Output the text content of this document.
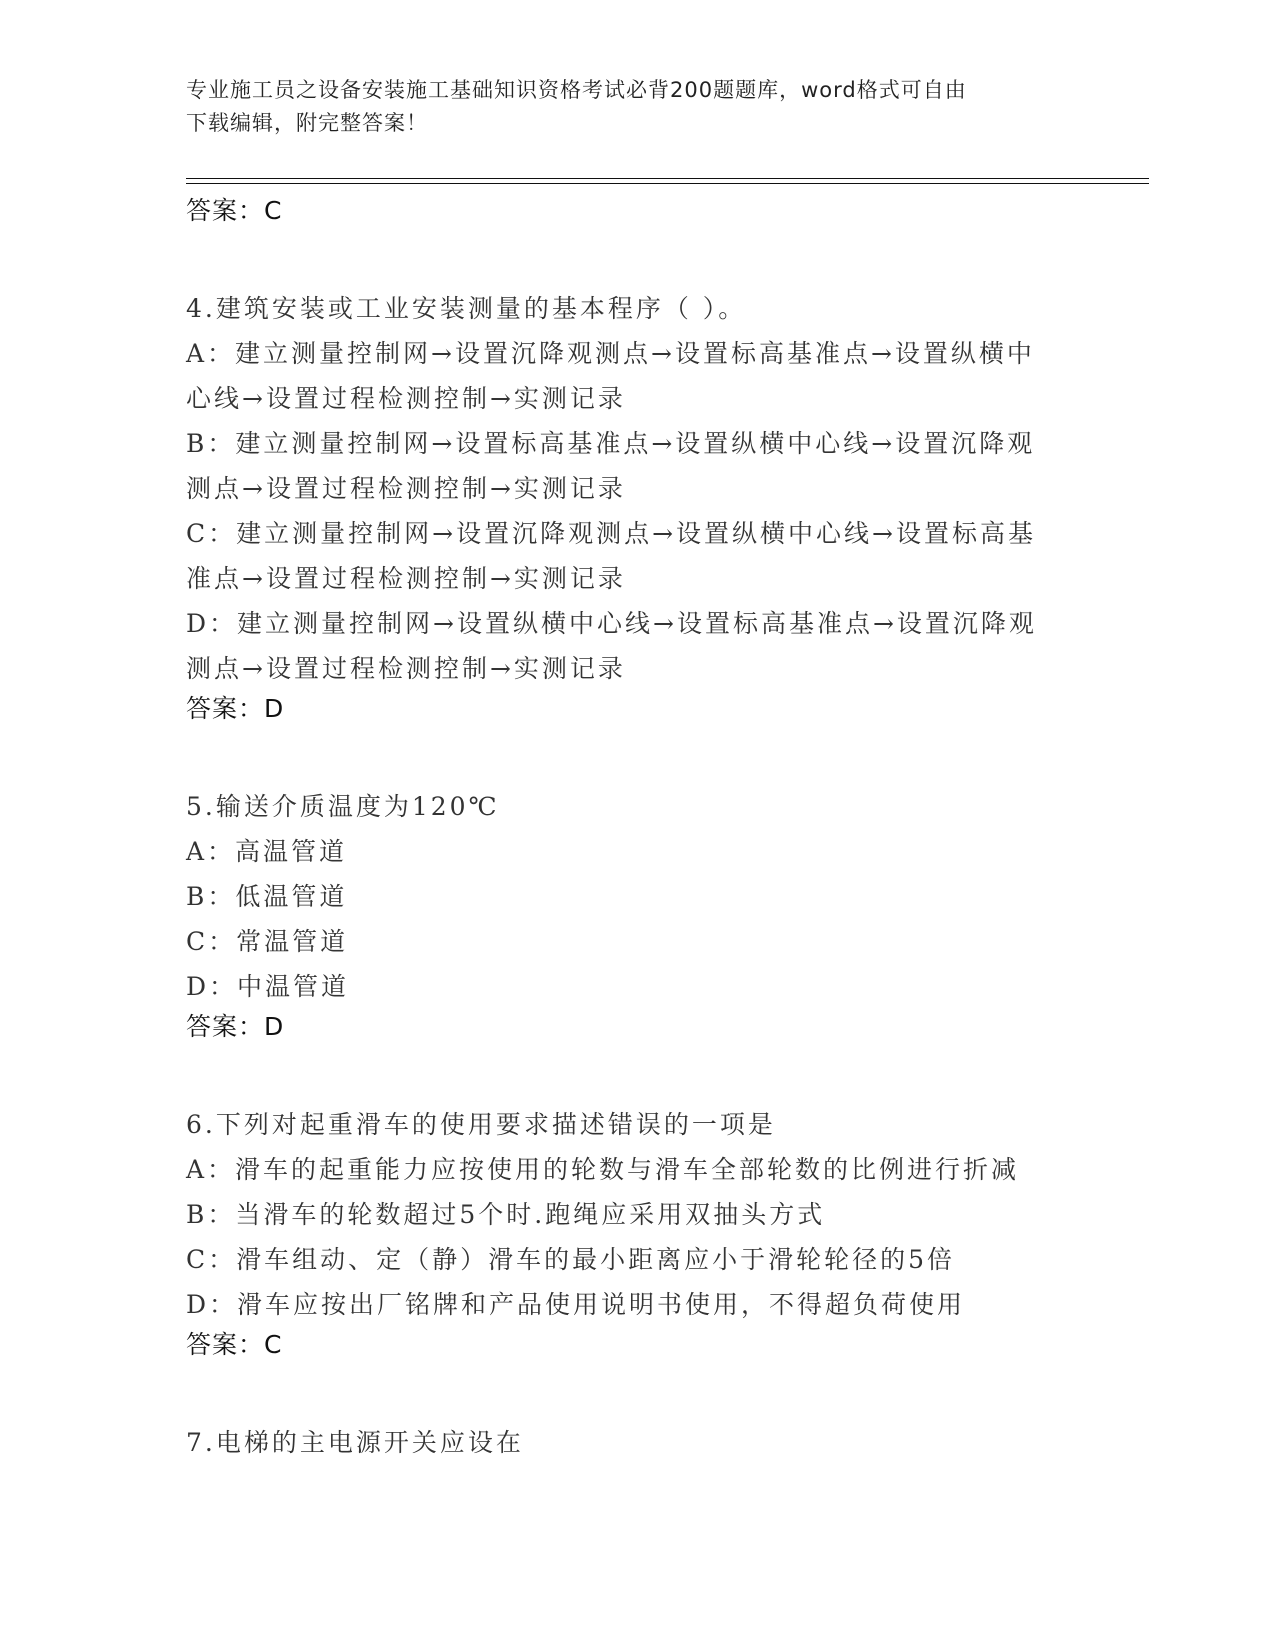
专业施工员之设备安装施工基础知识资格考试必背200题题库，word格式可自由
下载编辑，附完整答案！
答案：C
4.建筑安装或工业安装测量的基本程序（ ）。
A：建立测量控制网→设置沉降观测点→设置标高基准点→设置纵横中
心线→设置过程检测控制→实测记录
B：建立测量控制网→设置标高基准点→设置纵横中心线→设置沉降观
测点→设置过程检测控制→实测记录
C：建立测量控制网→设置沉降观测点→设置纵横中心线→设置标高基
准点→设置过程检测控制→实测记录
D：建立测量控制网→设置纵横中心线→设置标高基准点→设置沉降观
测点→设置过程检测控制→实测记录
答案：D
5.输送介质温度为120℃
A：高温管道
B：低温管道
C：常温管道
D：中温管道
答案：D
6.下列对起重滑车的使用要求描述错误的一项是
A：滑车的起重能力应按使用的轮数与滑车全部轮数的比例进行折减
B：当滑车的轮数超过5个时.跑绳应采用双抽头方式
C：滑车组动、定（静）滑车的最小距离应小于滑轮轮径的5倍
D：滑车应按出厂铭牌和产品使用说明书使用，不得超负荷使用
答案：C
7.电梯的主电源开关应设在
